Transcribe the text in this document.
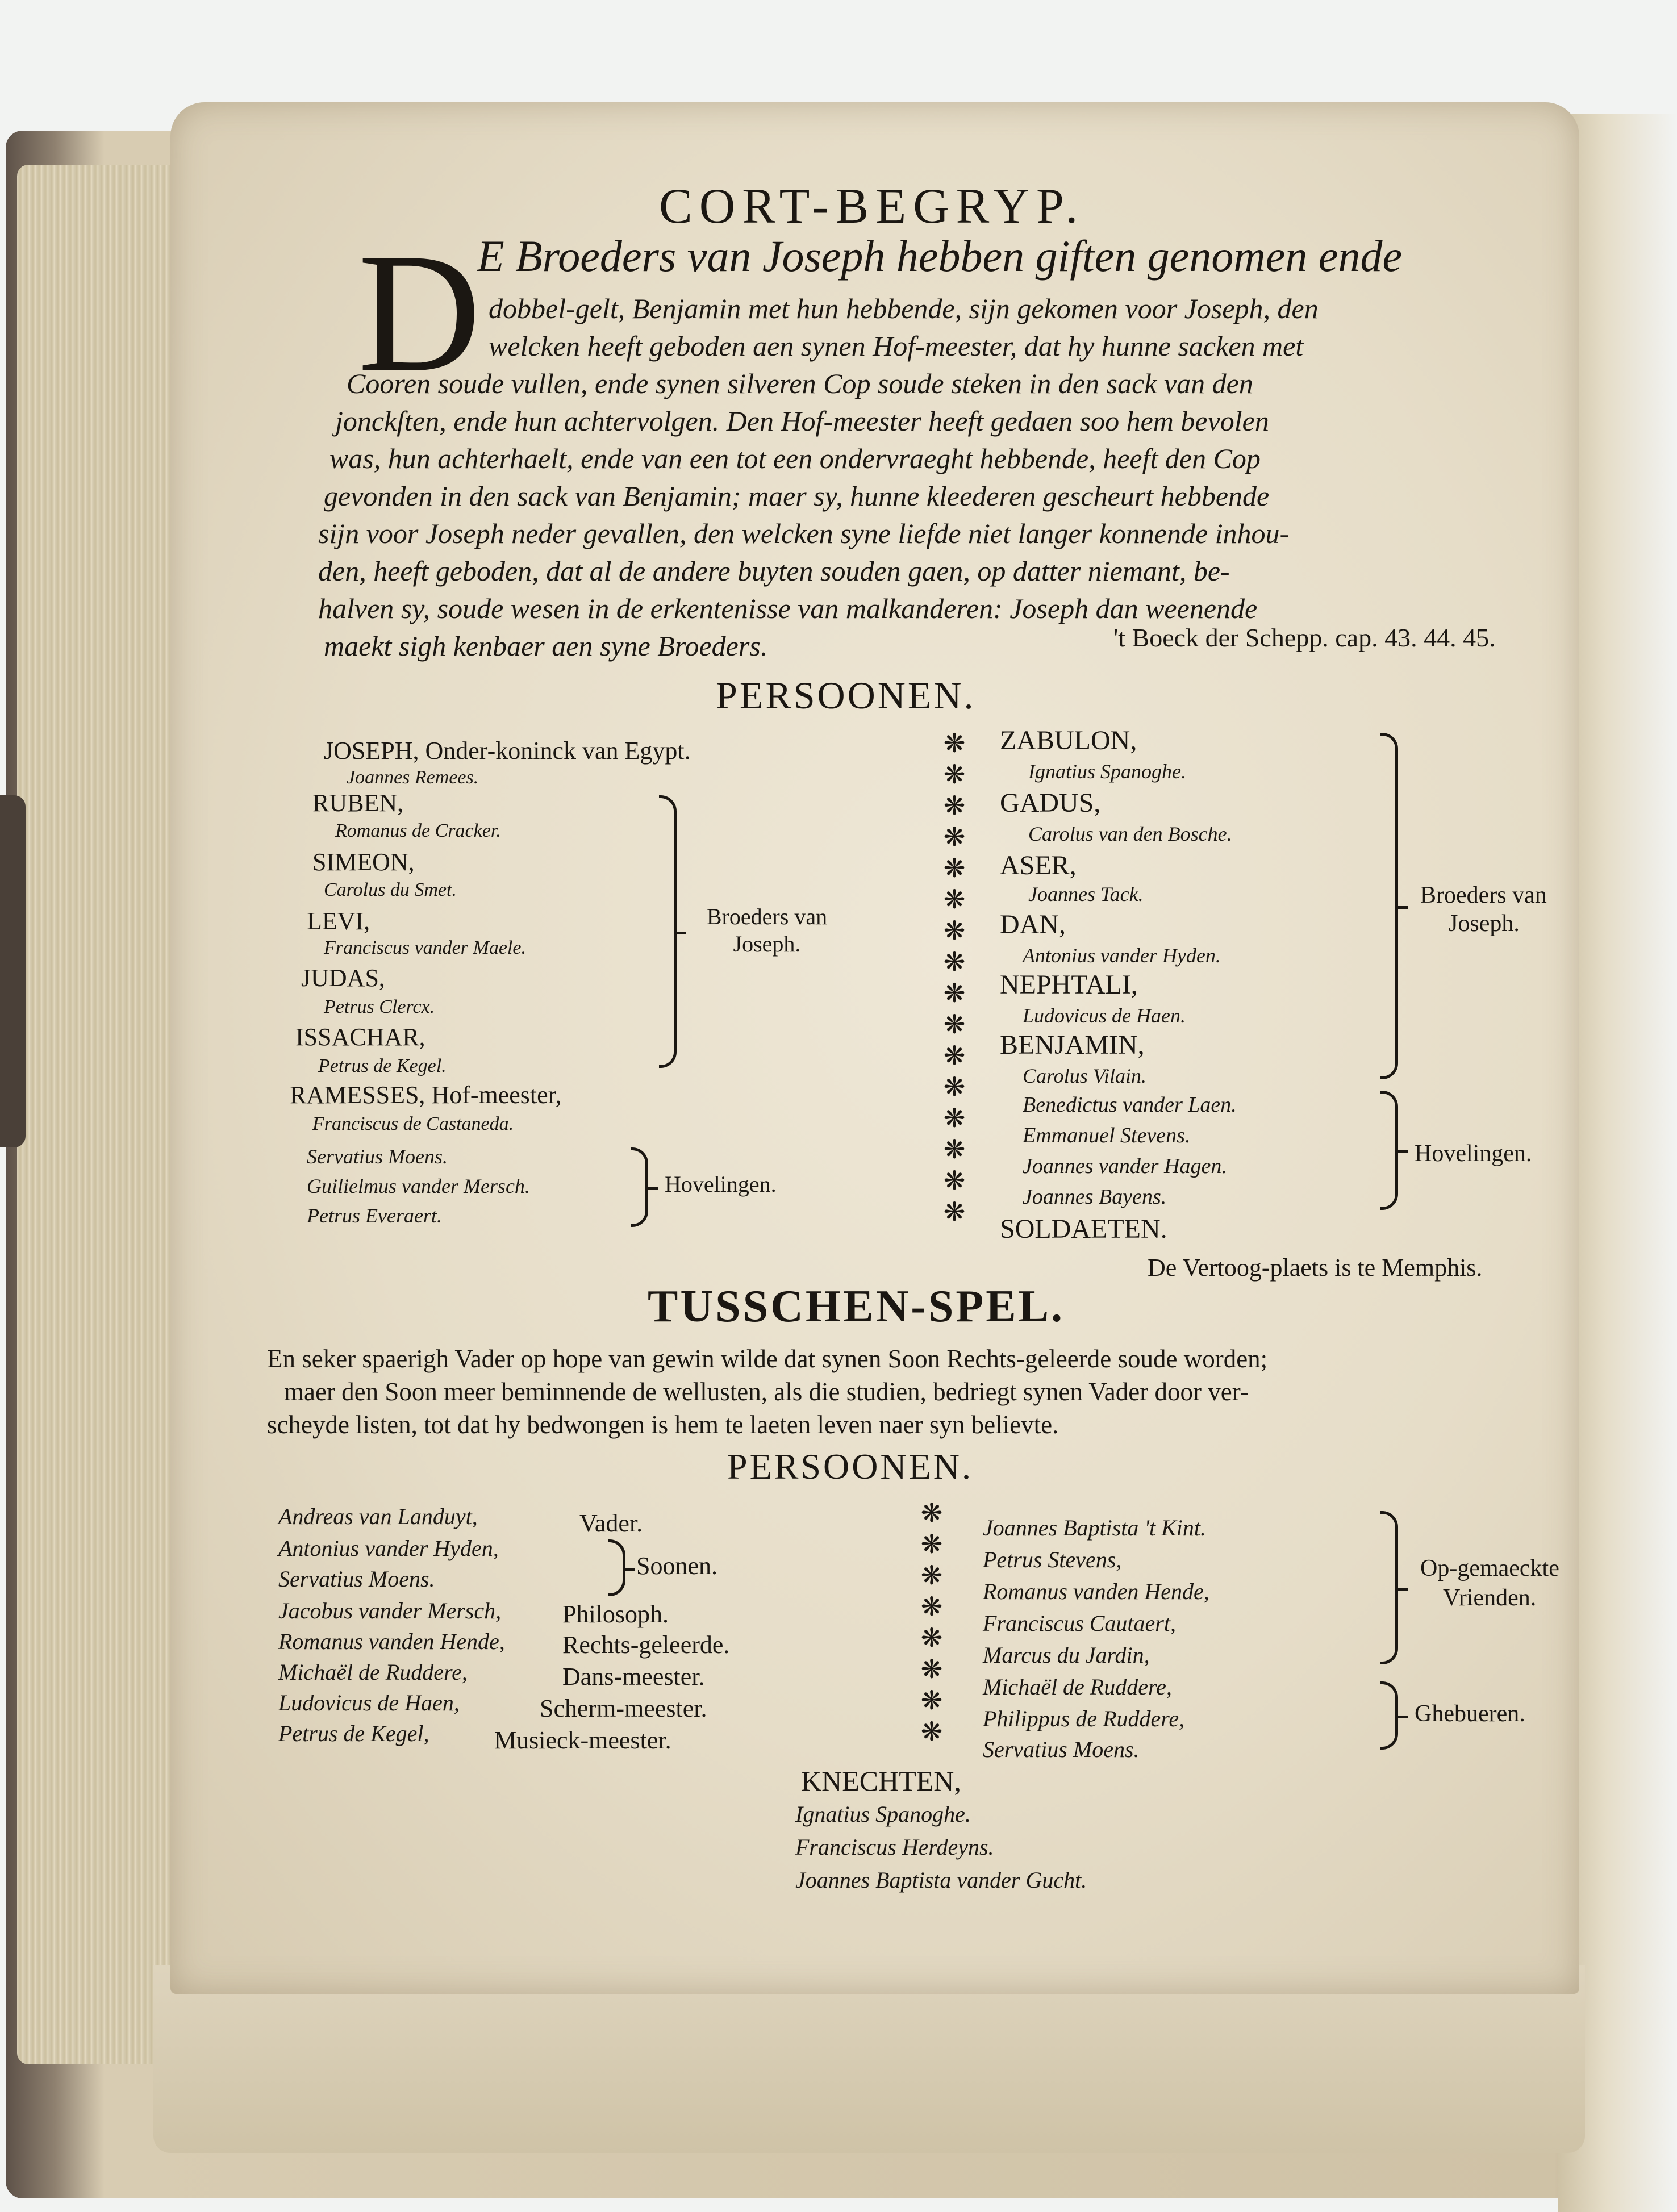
CORT-BEGRYP.
D
E Broeders van Joseph hebben giften genomen ende
dobbel-gelt, Benjamin met hun hebbende, sijn gekomen voor Joseph, den
welcken heeft geboden aen synen Hof-meester, dat hy hunne sacken met
Cooren soude vullen, ende synen silveren Cop soude steken in den sack van den
jonckſten, ende hun achtervolgen. Den Hof-meester heeft gedaen soo hem bevolen
was, hun achterhaelt, ende van een tot een ondervraeght hebbende, heeft den Cop
gevonden in den sack van Benjamin; maer sy, hunne kleederen gescheurt hebbende
sijn voor Joseph neder gevallen, den welcken syne liefde niet langer konnende inhou-
den, heeft geboden, dat al de andere buyten souden gaen, op datter niemant, be-
halven sy, soude wesen in de erkentenisse van malkanderen: Joseph dan weenende
maekt sigh kenbaer aen syne Broeders.	't Boeck der Schepp. cap. 43. 44. 45.
PERSOONEN.
JOSEPH, Onder-koninck van Egypt.
Joannes Remees.
RUBEN,
Romanus de Cracker.
SIMEON,
Carolus du Smet.
LEVI,
Franciscus vander Maele.
JUDAS,
Petrus Clercx.
ISSACHAR,
Petrus de Kegel.
RAMESSES, Hof-meester,
Franciscus de Castaneda.
Servatius Moens.
Guilielmus vander Mersch.
Petrus Everaert.
Broeders van Joseph.
Hovelingen.
❋
❋
❋
❋
❋
❋
❋
❋
❋
❋
❋
❋
❋
❋
❋
❋
ZABULON,
Ignatius Spanoghe.
GADUS,
Carolus van den Bosche.
ASER,
Joannes Tack.
DAN,
Antonius vander Hyden.
NEPHTALI,
Ludovicus de Haen.
BENJAMIN,
Carolus Vilain.
Benedictus vander Laen.
Emmanuel Stevens.
Joannes vander Hagen.
Joannes Bayens.
SOLDAETEN.
Broeders van
Joseph.
Hovelingen.
De Vertoog-plaets is te Memphis.
TUSSCHEN-SPEL.
En seker spaerigh Vader op hope van gewin wilde dat synen Soon Rechts-geleerde soude worden;
maer den Soon meer beminnende de wellusten, als die studien, bedriegt synen Vader door ver-
scheyde listen, tot dat hy bedwongen is hem te laeten leven naer syn believte.
PERSOONEN.
Andreas van Landuyt,	Vader.
Antonius vander Hyden,
Servatius Moens.	Soonen.
Jacobus vander Mersch, Philosoph.
Romanus vanden Hende, Rechts-geleerde.
Michaël de Ruddere,	Dans-meester.
Ludovicus de Haen,	Scherm-meester.
Petrus de Kegel,	Musieck-meester.
❋
❋
❋
❋
❋
❋
❋
❋
Joannes Baptista 't Kint.
Petrus Stevens,
Romanus vanden Hende,
Franciscus Cautaert,
Marcus du Jardin,
Michaël de Ruddere,
Philippus de Ruddere,
Servatius Moens.
Op-gemaeckte
Vrienden.
Ghebueren.
KNECHTEN,
Ignatius Spanoghe.
Franciscus Herdeyns.
Joannes Baptista vander Gucht.
